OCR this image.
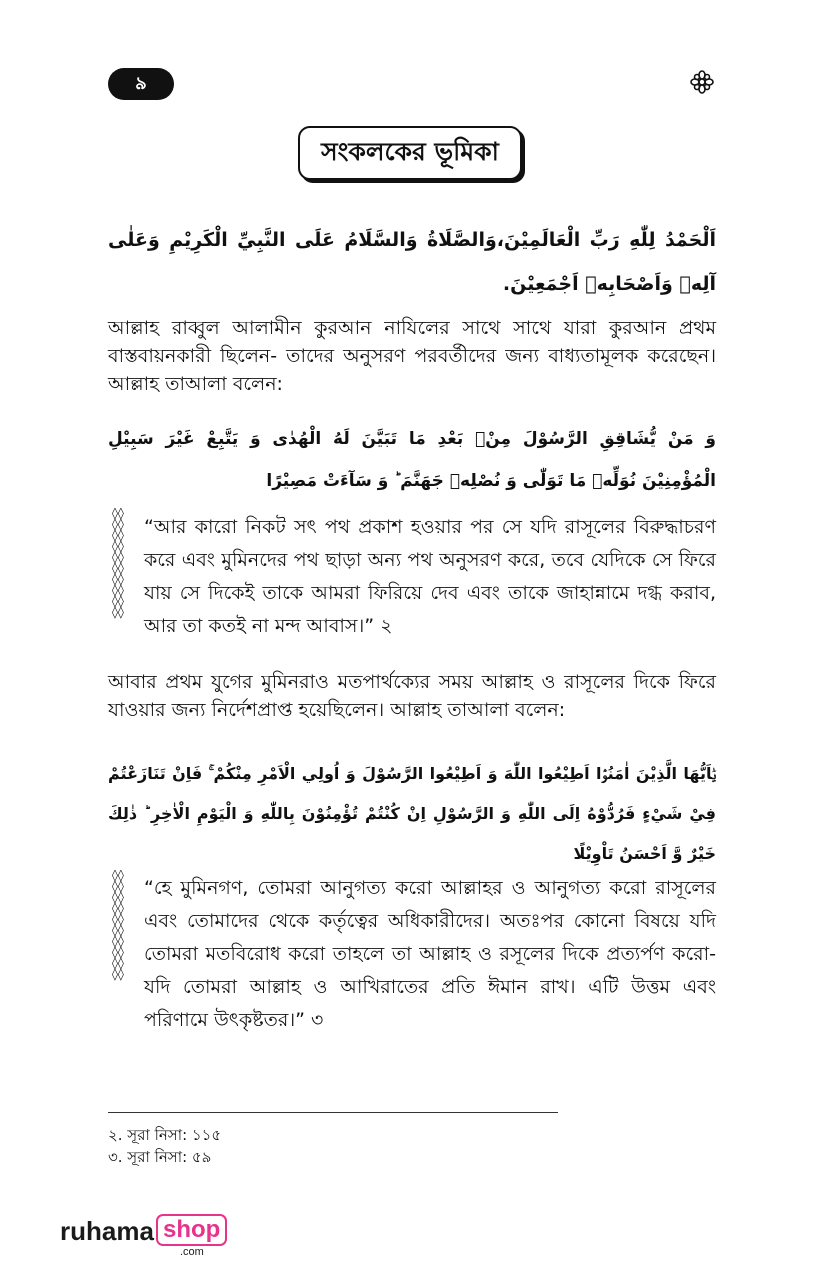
৯
সংকলকের ভূমিকা
اَلْحَمْدُ لِلّٰهِ رَبِّ الْعَالَمِيْنَ،وَالصَّلَاةُ وَالسَّلَامُ عَلَى النَّبِيِّ الْكَرِيْمِ وَعَلٰى آلِهٖ وَاَصْحَابِهٖ اَجْمَعِيْنَ.
আল্লাহ রাব্বুল আলামীন কুরআন নাযিলের সাথে সাথে যারা কুরআন প্রথম বাস্তবায়নকারী ছিলেন- তাদের অনুসরণ পরবর্তীদের জন্য বাধ্যতামূলক করেছেন। আল্লাহ তাআলা বলেন:
وَ مَنْ يُّشَاقِقِ الرَّسُوْلَ مِنْۢ بَعْدِ مَا تَبَيَّنَ لَهُ الْهُدٰى وَ يَتَّبِعْ غَيْرَ سَبِيْلِ الْمُؤْمِنِيْنَ نُوَلِّهٖ مَا تَوَلّٰى وَ نُصْلِهٖ جَهَنَّمَ ؕ وَ سَآءَتْ مَصِيْرًا
◊◊◊◊◊◊◊◊◊◊◊◊◊◊◊◊◊◊◊◊
“আর কারো নিকট সৎ পথ প্রকাশ হওয়ার পর সে যদি রাসূলের বিরুদ্ধাচরণ করে এবং মুমিনদের পথ ছাড়া অন্য পথ অনুসরণ করে, তবে যেদিকে সে ফিরে যায় সে দিকেই তাকে আমরা ফিরিয়ে দেব এবং তাকে জাহান্নামে দগ্ধ করাব, আর তা কতই না মন্দ আবাস।” ২
আবার প্রথম যুগের মুমিনরাও মতপার্থক্যের সময় আল্লাহ ও রাসূলের দিকে ফিরে যাওয়ার জন্য নির্দেশপ্রাপ্ত হয়েছিলেন। আল্লাহ তাআলা বলেন:
يٰۤاَيُّهَا الَّذِيْنَ اٰمَنُوْۤا اَطِيْعُوا اللّٰهَ وَ اَطِيْعُوا الرَّسُوْلَ وَ اُولِي الْاَمْرِ مِنْكُمْ ۚ فَاِنْ تَنَازَعْتُمْ فِيْ شَيْءٍ فَرُدُّوْهُ اِلَى اللّٰهِ وَ الرَّسُوْلِ اِنْ كُنْتُمْ تُؤْمِنُوْنَ بِاللّٰهِ وَ الْيَوْمِ الْاٰخِرِ ؕ ذٰلِكَ خَيْرٌ وَّ اَحْسَنُ تَاْوِيْلًا
◊◊◊◊◊◊◊◊◊◊◊◊◊◊◊◊◊◊◊◊
“হে মুমিনগণ, তোমরা আনুগত্য করো আল্লাহর ও আনুগত্য করো রাসূলের এবং তোমাদের থেকে কর্তৃত্বের অধিকারীদের। অতঃপর কোনো বিষয়ে যদি তোমরা মতবিরোধ করো তাহলে তা আল্লাহ ও রসূলের দিকে প্রত্যর্পণ করো- যদি তোমরা আল্লাহ ও আখিরাতের প্রতি ঈমান রাখ। এটি উত্তম এবং পরিণামে উৎকৃষ্টতর।” ৩
২. সূরা নিসা: ১১৫
৩. সূরা নিসা: ৫৯
ruhama shop
.com
